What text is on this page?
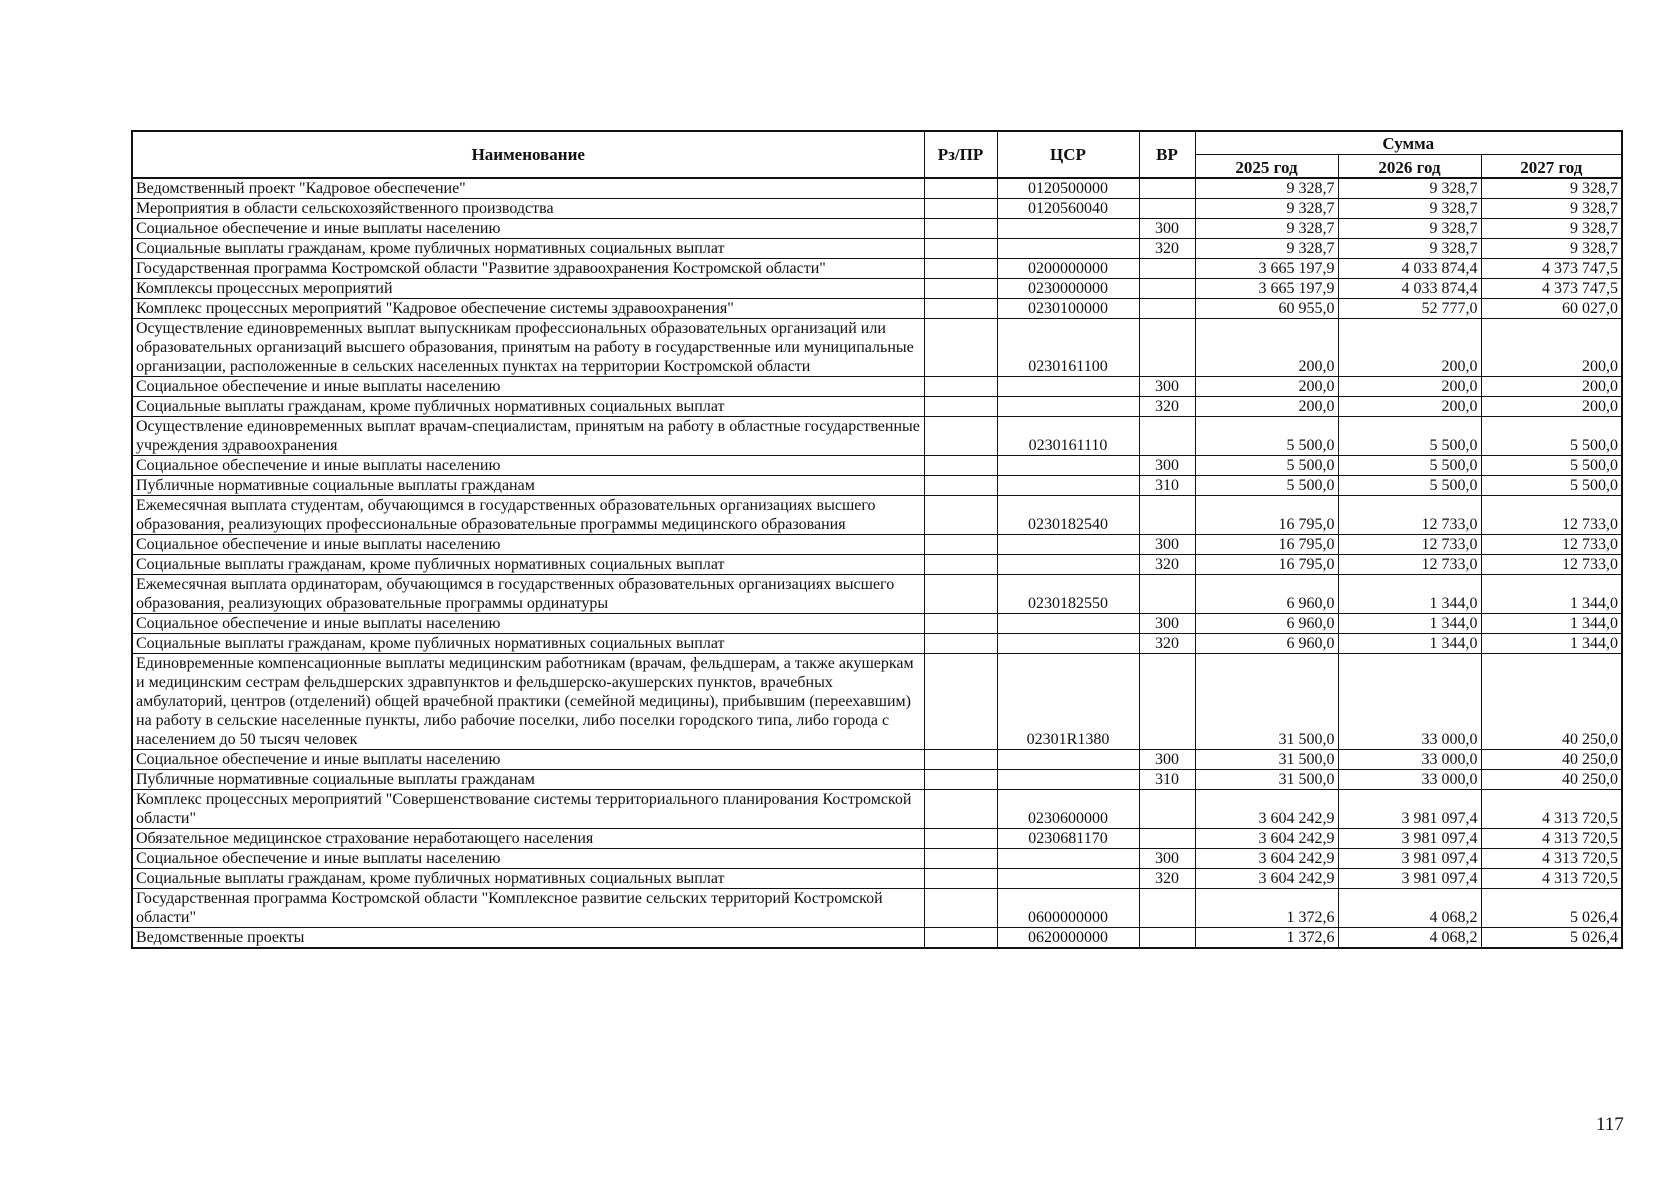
Наименование	Рз/ПР	ЦСР	ВР	Сумма		
				2025 год	2026 год	2027 год
Ведомственный проект "Кадровое обеспечение"		0120500000		9 328,7	9 328,7	9 328,7
Мероприятия в области сельскохозяйственного производства		0120560040		9 328,7	9 328,7	9 328,7
Социальное обеспечение и иные выплаты населению			300	9 328,7	9 328,7	9 328,7
Социальные выплаты гражданам, кроме публичных нормативных социальных выплат			320	9 328,7	9 328,7	9 328,7
Государственная программа Костромской области "Развитие здравоохранения Костромской области"		0200000000		3 665 197,9	4 033 874,4	4 373 747,5
Комплексы процессных мероприятий		0230000000		3 665 197,9	4 033 874,4	4 373 747,5
Комплекс процессных мероприятий "Кадровое обеспечение системы здравоохранения"		0230100000		60 955,0	52 777,0	60 027,0
Осуществление единовременных выплат выпускникам профессиональных образовательных организаций или образовательных организаций высшего образования, принятым на работу в государственные или муниципальные организации, расположенные в сельских населенных пунктах на территории Костромской области		0230161100		200,0	200,0	200,0
Социальное обеспечение и иные выплаты населению			300	200,0	200,0	200,0
Социальные выплаты гражданам, кроме публичных нормативных социальных выплат			320	200,0	200,0	200,0
Осуществление единовременных выплат врачам-специалистам, принятым на работу в областные государственные учреждения здравоохранения		0230161110		5 500,0	5 500,0	5 500,0
Социальное обеспечение и иные выплаты населению			300	5 500,0	5 500,0	5 500,0
Публичные нормативные социальные выплаты гражданам			310	5 500,0	5 500,0	5 500,0
Ежемесячная выплата студентам, обучающимся в государственных образовательных организациях высшего образования, реализующих профессиональные образовательные программы медицинского образования		0230182540		16 795,0	12 733,0	12 733,0
Социальное обеспечение и иные выплаты населению			300	16 795,0	12 733,0	12 733,0
Социальные выплаты гражданам, кроме публичных нормативных социальных выплат			320	16 795,0	12 733,0	12 733,0
Ежемесячная выплата ординаторам, обучающимся в государственных образовательных организациях высшего образования, реализующих образовательные программы ординатуры		0230182550		6 960,0	1 344,0	1 344,0
Социальное обеспечение и иные выплаты населению			300	6 960,0	1 344,0	1 344,0
Социальные выплаты гражданам, кроме публичных нормативных социальных выплат			320	6 960,0	1 344,0	1 344,0
Единовременные компенсационные выплаты медицинским работникам (врачам, фельдшерам, а также акушеркам и медицинским сестрам фельдшерских здравпунктов и фельдшерско-акушерских пунктов, врачебных амбулаторий, центров (отделений) общей врачебной практики (семейной медицины), прибывшим (переехавшим) на работу в сельские населенные пункты, либо рабочие поселки, либо поселки городского типа, либо города с населением до 50 тысяч человек		02301R1380		31 500,0	33 000,0	40 250,0
Социальное обеспечение и иные выплаты населению			300	31 500,0	33 000,0	40 250,0
Публичные нормативные социальные выплаты гражданам			310	31 500,0	33 000,0	40 250,0
Комплекс процессных мероприятий "Совершенствование системы территориального планирования Костромской области"		0230600000		3 604 242,9	3 981 097,4	4 313 720,5
Обязательное медицинское страхование неработающего населения		0230681170		3 604 242,9	3 981 097,4	4 313 720,5
Социальное обеспечение и иные выплаты населению			300	3 604 242,9	3 981 097,4	4 313 720,5
Социальные выплаты гражданам, кроме публичных нормативных социальных выплат			320	3 604 242,9	3 981 097,4	4 313 720,5
Государственная программа Костромской области "Комплексное развитие сельских территорий Костромской области"		0600000000		1 372,6	4 068,2	5 026,4
Ведомственные проекты		0620000000		1 372,6	4 068,2	5 026,4
117
